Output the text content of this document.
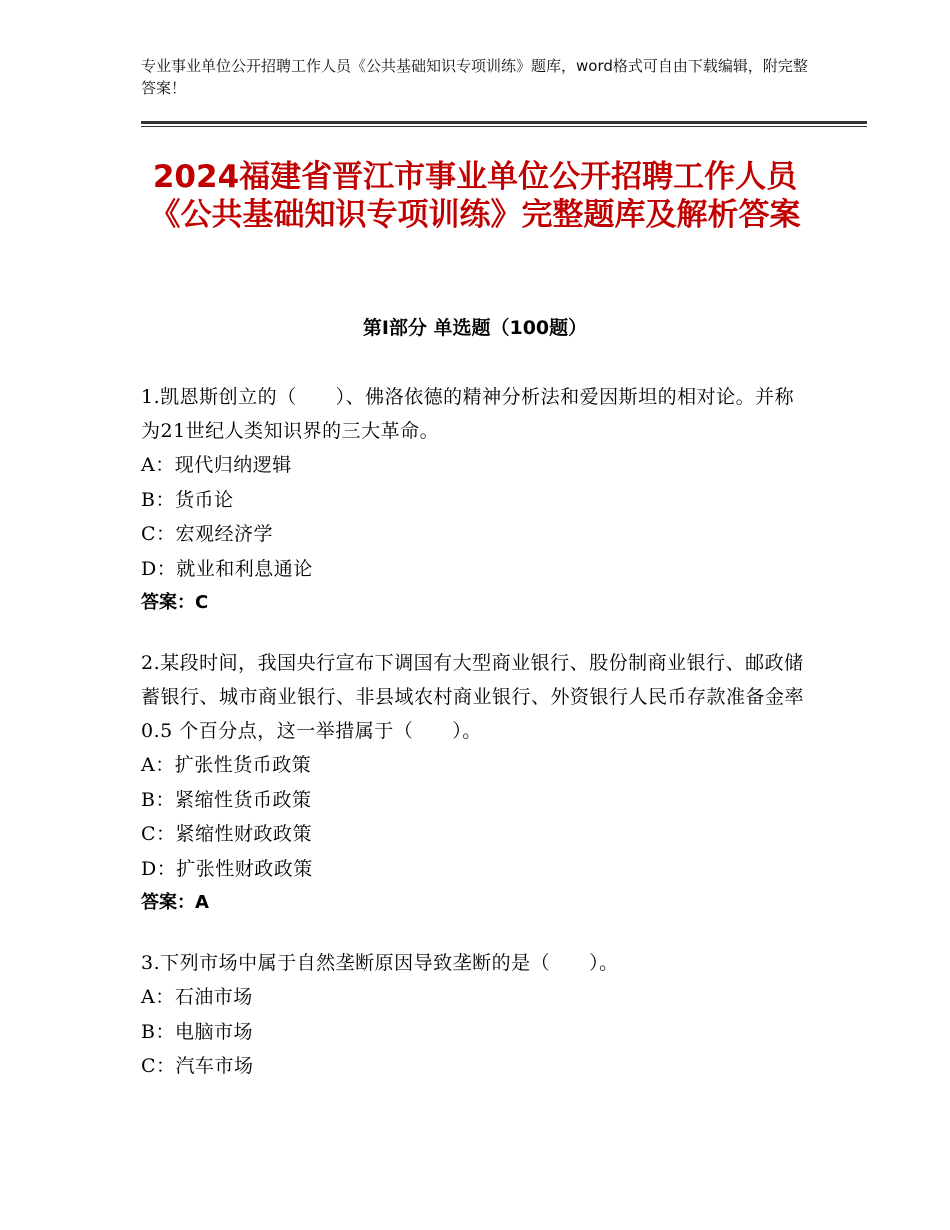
专业事业单位公开招聘工作人员《公共基础知识专项训练》题库，word格式可自由下载编辑，附完整答案！
2024福建省晋江市事业单位公开招聘工作人员《公共基础知识专项训练》完整题库及解析答案
第Ⅰ部分 单选题（100题）
1.凯恩斯创立的（　　）、佛洛依德的精神分析法和爱因斯坦的相对论。并称为21世纪人类知识界的三大革命。
A：现代归纳逻辑
B：货币论
C：宏观经济学
D：就业和利息通论
答案：C
2.某段时间，我国央行宣布下调国有大型商业银行、股份制商业银行、邮政储蓄银行、城市商业银行、非县域农村商业银行、外资银行人民币存款准备金率 0.5 个百分点，这一举措属于（　　）。
A：扩张性货币政策
B：紧缩性货币政策
C：紧缩性财政政策
D：扩张性财政政策
答案：A
3.下列市场中属于自然垄断原因导致垄断的是（　　）。
A：石油市场
B：电脑市场
C：汽车市场
